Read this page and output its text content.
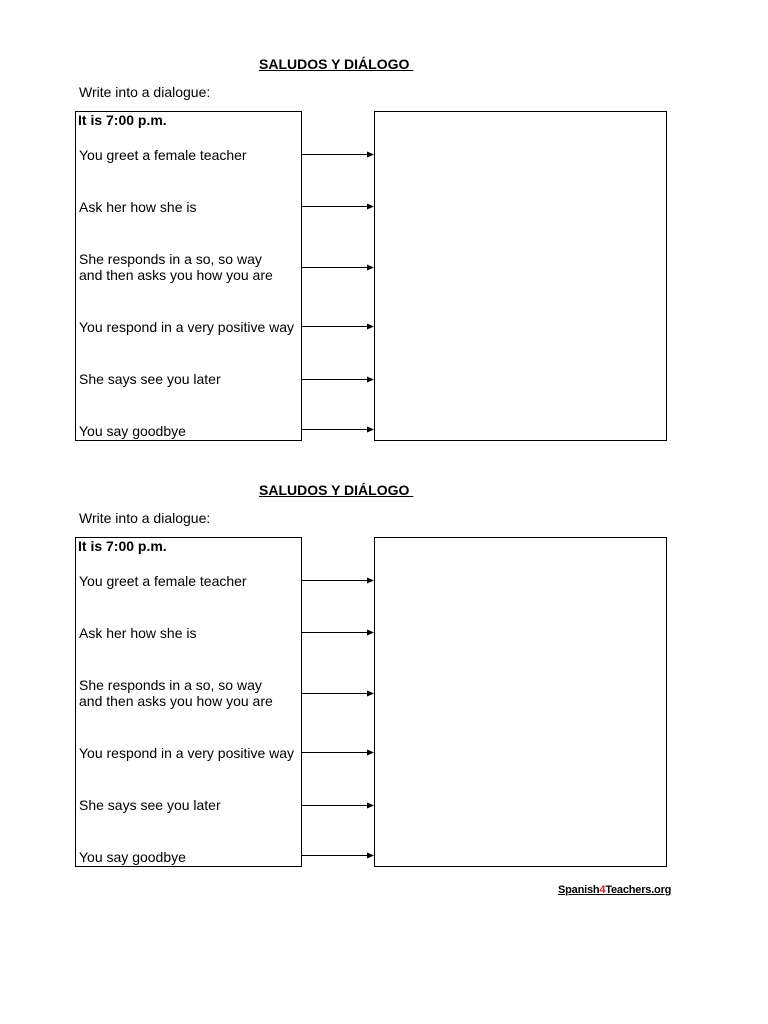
SALUDOS Y DIÁLOGO
Write into a dialogue:
It is 7:00 p.m.
You greet a female teacher
Ask her how she is
She responds in a so, so way
and then asks you how you are
You respond in a very positive way
She says see you later
You say goodbye
SALUDOS Y DIÁLOGO
Write into a dialogue:
It is 7:00 p.m.
You greet a female teacher
Ask her how she is
She responds in a so, so way
and then asks you how you are
You respond in a very positive way
She says see you later
You say goodbye
Spanish4Teachers.org
